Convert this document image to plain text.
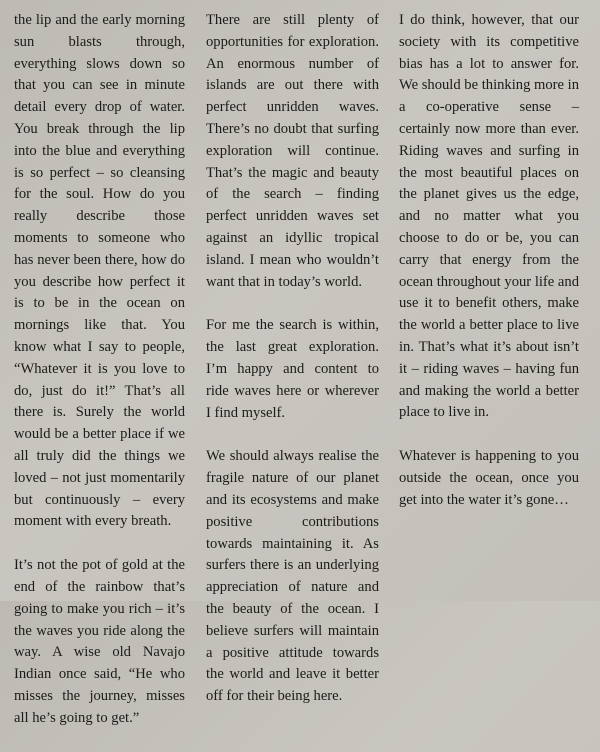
the lip and the early morning sun blasts through, everything slows down so that you can see in minute detail every drop of water. You break through the lip into the blue and everything is so perfect – so cleansing for the soul. How do you really describe those moments to someone who has never been there, how do you describe how perfect it is to be in the ocean on mornings like that. You know what I say to people, “Whatever it is you love to do, just do it!” That’s all there is. Surely the world would be a better place if we all truly did the things we loved – not just momentarily but continuously – every moment with every breath.

It’s not the pot of gold at the end of the rainbow that’s going to make you rich – it’s the waves you ride along the way. A wise old Navajo Indian once said, “He who misses the journey, misses all he’s going to get.”

There are still plenty of opportunities for exploration. An enormous number of islands are out there with perfect unridden waves. There’s no doubt that surfing exploration will continue. That’s the magic and beauty of the search – finding perfect unridden waves set against an idyllic tropical island. I mean who wouldn’t want that in today’s world.

For me the search is within, the last great exploration. I’m happy and content to ride waves here or wherever I find myself.

We should always realise the fragile nature of our planet and its ecosystems and make positive contributions towards maintaining it. As surfers there is an underlying appreciation of nature and the beauty of the ocean. I believe surfers will maintain a positive attitude towards the world and leave it better off for their being here.

I do think, however, that our society with its competitive bias has a lot to answer for. We should be thinking more in a co-operative sense – certainly now more than ever. Riding waves and surfing in the most beautiful places on the planet gives us the edge, and no matter what you choose to do or be, you can carry that energy from the ocean throughout your life and use it to benefit others, make the world a better place to live in. That’s what it’s about isn’t it – riding waves – having fun and making the world a better place to live in.

Whatever is happening to you outside the ocean, once you get into the water it’s gone…
